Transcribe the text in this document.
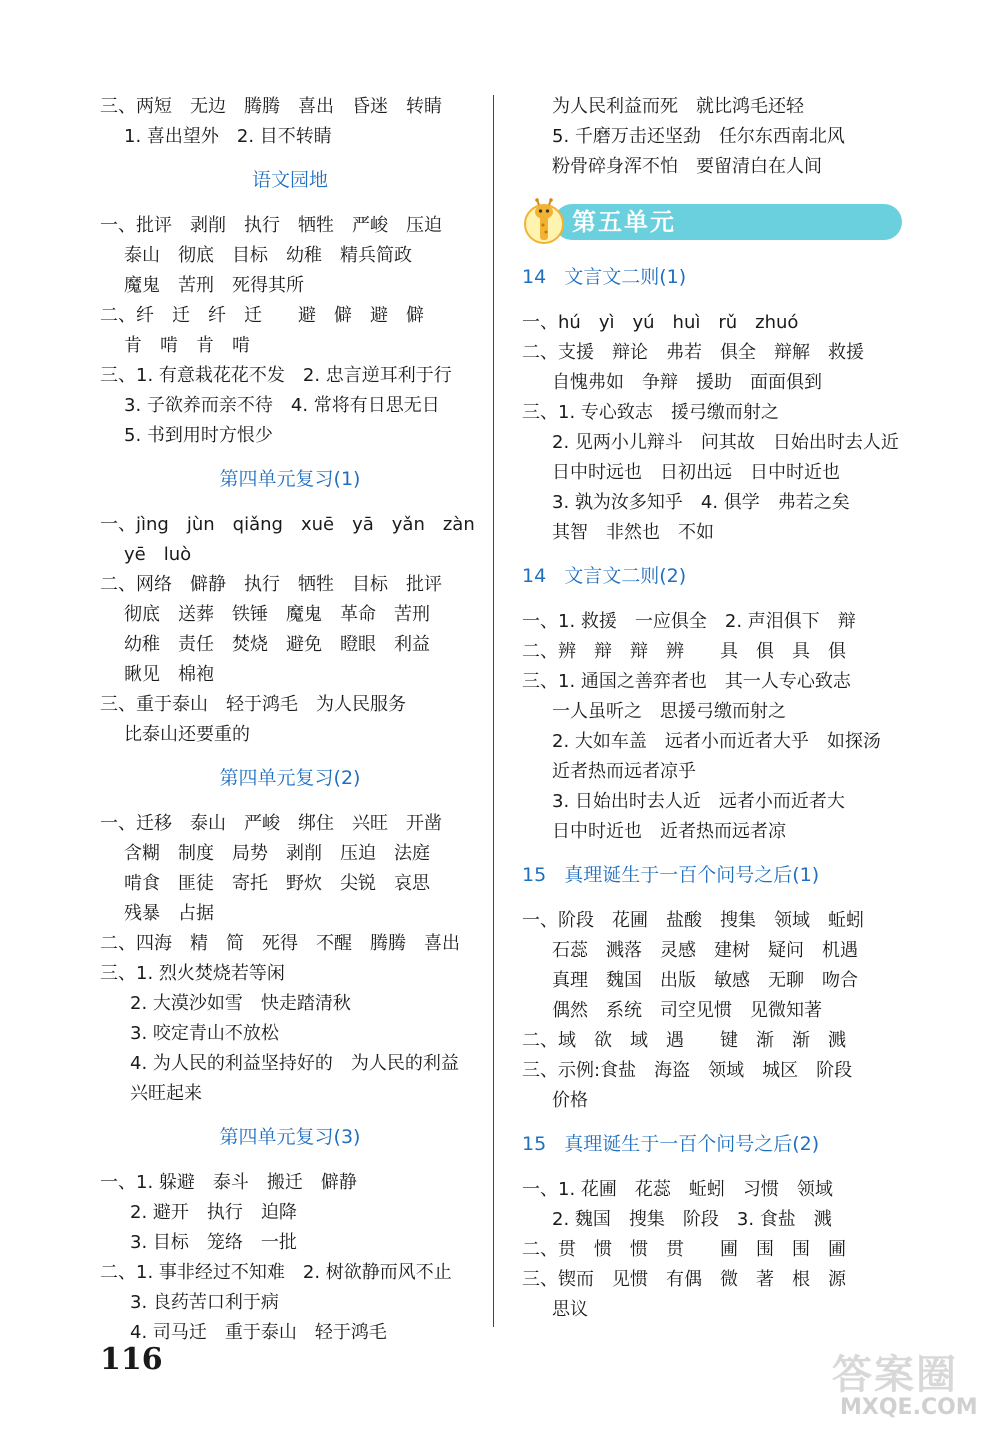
三、两短　无边　腾腾　喜出　昏迷　转睛
1. 喜出望外　2. 目不转睛
语文园地
一、批评　剥削　执行　牺牲　严峻　压迫
泰山　彻底　目标　幼稚　精兵简政
魔鬼　苦刑　死得其所
二、纤　迁　纤　迁　　避　僻　避　僻
肯　啃　肯　啃
三、1. 有意栽花花不发　2. 忠言逆耳利于行
3. 子欲养而亲不待　4. 常将有日思无日
5. 书到用时方恨少
第四单元复习(1)
一、jìng　jùn　qiǎng　xuē　yā　yǎn　zàn
yē　luò
二、网络　僻静　执行　牺牲　目标　批评
彻底　送葬　铁锤　魔鬼　革命　苦刑
幼稚　责任　焚烧　避免　瞪眼　利益
瞅见　棉袍
三、重于泰山　轻于鸿毛　为人民服务
比泰山还要重的
第四单元复习(2)
一、迁移　泰山　严峻　绑住　兴旺　开凿
含糊　制度　局势　剥削　压迫　法庭
啃食　匪徒　寄托　野炊　尖锐　哀思
残暴　占据
二、四海　精　简　死得　不醒　腾腾　喜出
三、1. 烈火焚烧若等闲
2. 大漠沙如雪　快走踏清秋
3. 咬定青山不放松
4. 为人民的利益坚持好的　为人民的利益
兴旺起来
第四单元复习(3)
一、1. 躲避　泰斗　搬迁　僻静
2. 避开　执行　迫降
3. 目标　笼络　一批
二、1. 事非经过不知难　2. 树欲静而风不止
3. 良药苦口利于病
4. 司马迁　重于泰山　轻于鸿毛
为人民利益而死　就比鸿毛还轻
5. 千磨万击还坚劲　任尔东西南北风
粉骨碎身浑不怕　要留清白在人间
第五单元
14 文言文二则(1)
一、hú　yì　yú　huì　rǔ　zhuó
二、支援　辩论　弗若　俱全　辩解　救援
自愧弗如　争辩　援助　面面俱到
三、1. 专心致志　援弓缴而射之
2. 见两小儿辩斗　问其故　日始出时去人近
日中时远也　日初出远　日中时近也
3. 孰为汝多知乎　4. 俱学　弗若之矣
其智　非然也　不如
14 文言文二则(2)
一、1. 救援　一应俱全　2. 声泪俱下　辩
二、辨　辩　辩　辨　　具　俱　具　俱
三、1. 通国之善弈者也　其一人专心致志
一人虽听之　思援弓缴而射之
2. 大如车盖　远者小而近者大乎　如探汤
近者热而远者凉乎
3. 日始出时去人近　远者小而近者大
日中时近也　近者热而远者凉
15 真理诞生于一百个问号之后(1)
一、阶段　花圃　盐酸　搜集　领域　蚯蚓
石蕊　溅落　灵感　建树　疑问　机遇
真理　魏国　出版　敏感　无聊　吻合
偶然　系统　司空见惯　见微知著
二、域　欲　域　遇　　键　渐　渐　溅
三、示例:食盐　海盗　领域　城区　阶段
价格
15 真理诞生于一百个问号之后(2)
一、1. 花圃　花蕊　蚯蚓　习惯　领域
2. 魏国　搜集　阶段　3. 食盐　溅
二、贯　惯　惯　贯　　圃　围　围　圃
三、锲而　见惯　有偶　微　著　根　源
思议
116	答案圈
MXQE.COM
